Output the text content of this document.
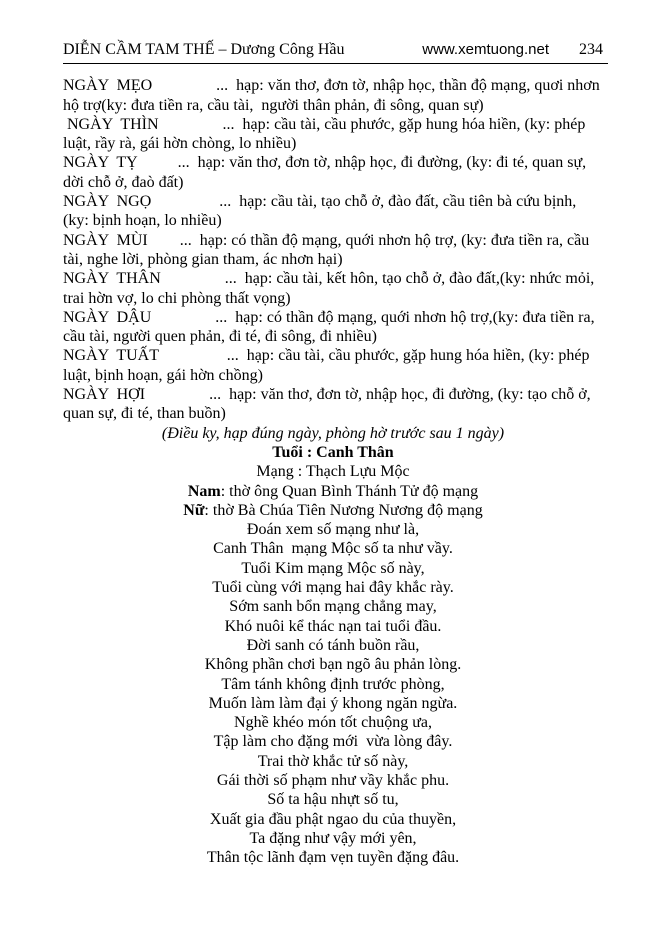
DIỄN CẦM TAM THẾ – Dương Công Hầu	www.xemtuong.net 234

NGÀY  MẸO                ...  hạp: văn thơ, đơn tờ, nhập học, thần độ mạng, quơi nhơn hộ trợ(ky: đưa tiền ra, cầu tài,  người thân phản, đi sông, quan sự)

NGÀY  THÌN                ...  hạp: cầu tài, cầu phước, gặp hung hóa hiền, (ky: phép luật, rầy rà, gái hờn chòng, lo nhiều)

NGÀY  TỴ          ...  hạp: văn thơ, đơn tờ, nhập học, đi đường, (ky: đi té, quan sự, dời chỗ ở, đaò đất)

NGÀY  NGỌ                 ...  hạp: cầu tài, tạo chỗ ở, đào đất, cầu tiên bà cứu bịnh, (ky: bịnh hoạn, lo nhiều)

NGÀY  MÙI        ...  hạp: có thần độ mạng, quới nhơn hộ trợ, (ky: đưa tiền ra, cầu tài, nghe lời, phòng gian tham, ác nhơn hại)

NGÀY  THÂN                ...  hạp: cầu tài, kết hôn, tạo chỗ ở, đào đất,(ky: nhức mỏi, trai hờn vợ, lo chi phòng thất vọng)

NGÀY  DẬU                ...  hạp: có thần độ mạng, quới nhơn hộ trợ,(ky: đưa tiền ra, cầu tài, người quen phản, đi té, đi sông, đi nhiều)

NGÀY  TUẤT                 ...  hạp: cầu tài, cầu phước, gặp hung hóa hiền, (ky: phép luật, bịnh hoạn, gái hờn chồng)

NGÀY  HỢI                ...  hạp: văn thơ, đơn tờ, nhập học, đi đường, (ky: tạo chỗ ở, quan sự, đi té, than buồn)

(Điều ky, hạp đúng ngày, phòng hờ trước sau 1 ngày)

Tuổi : Canh Thân

Mạng : Thạch Lựu Mộc

Nam: thờ ông Quan Bình Thánh Tử độ mạng

Nữ: thờ Bà Chúa Tiên Nương Nương độ mạng

Đoán xem số mạng như là,

Canh Thân  mạng Mộc số ta như vầy.

Tuổi Kim mạng Mộc số này,

Tuổi cùng với mạng hai đây khắc rày.

Sớm sanh bổn mạng chẳng may,

Khó nuôi kể thác nạn tai tuổi đầu.

Đời sanh có tánh buồn rầu,

Không phần chơi bạn ngõ âu phản lòng.

Tâm tánh không định trước phòng,

Muốn làm làm đại ý khong ngăn ngừa.

Nghề khéo món tốt chuộng ưa,

Tập làm cho đặng mới  vừa lòng đây.

Trai thờ khắc tử số này,

Gái thời số phạm như vầy khắc phu.

Số ta hậu nhựt số tu,

Xuất gia đầu phật ngao du của thuyền,

Ta đặng như vậy mới yên,

Thân tộc lãnh đạm vẹn tuyền đặng đâu.
